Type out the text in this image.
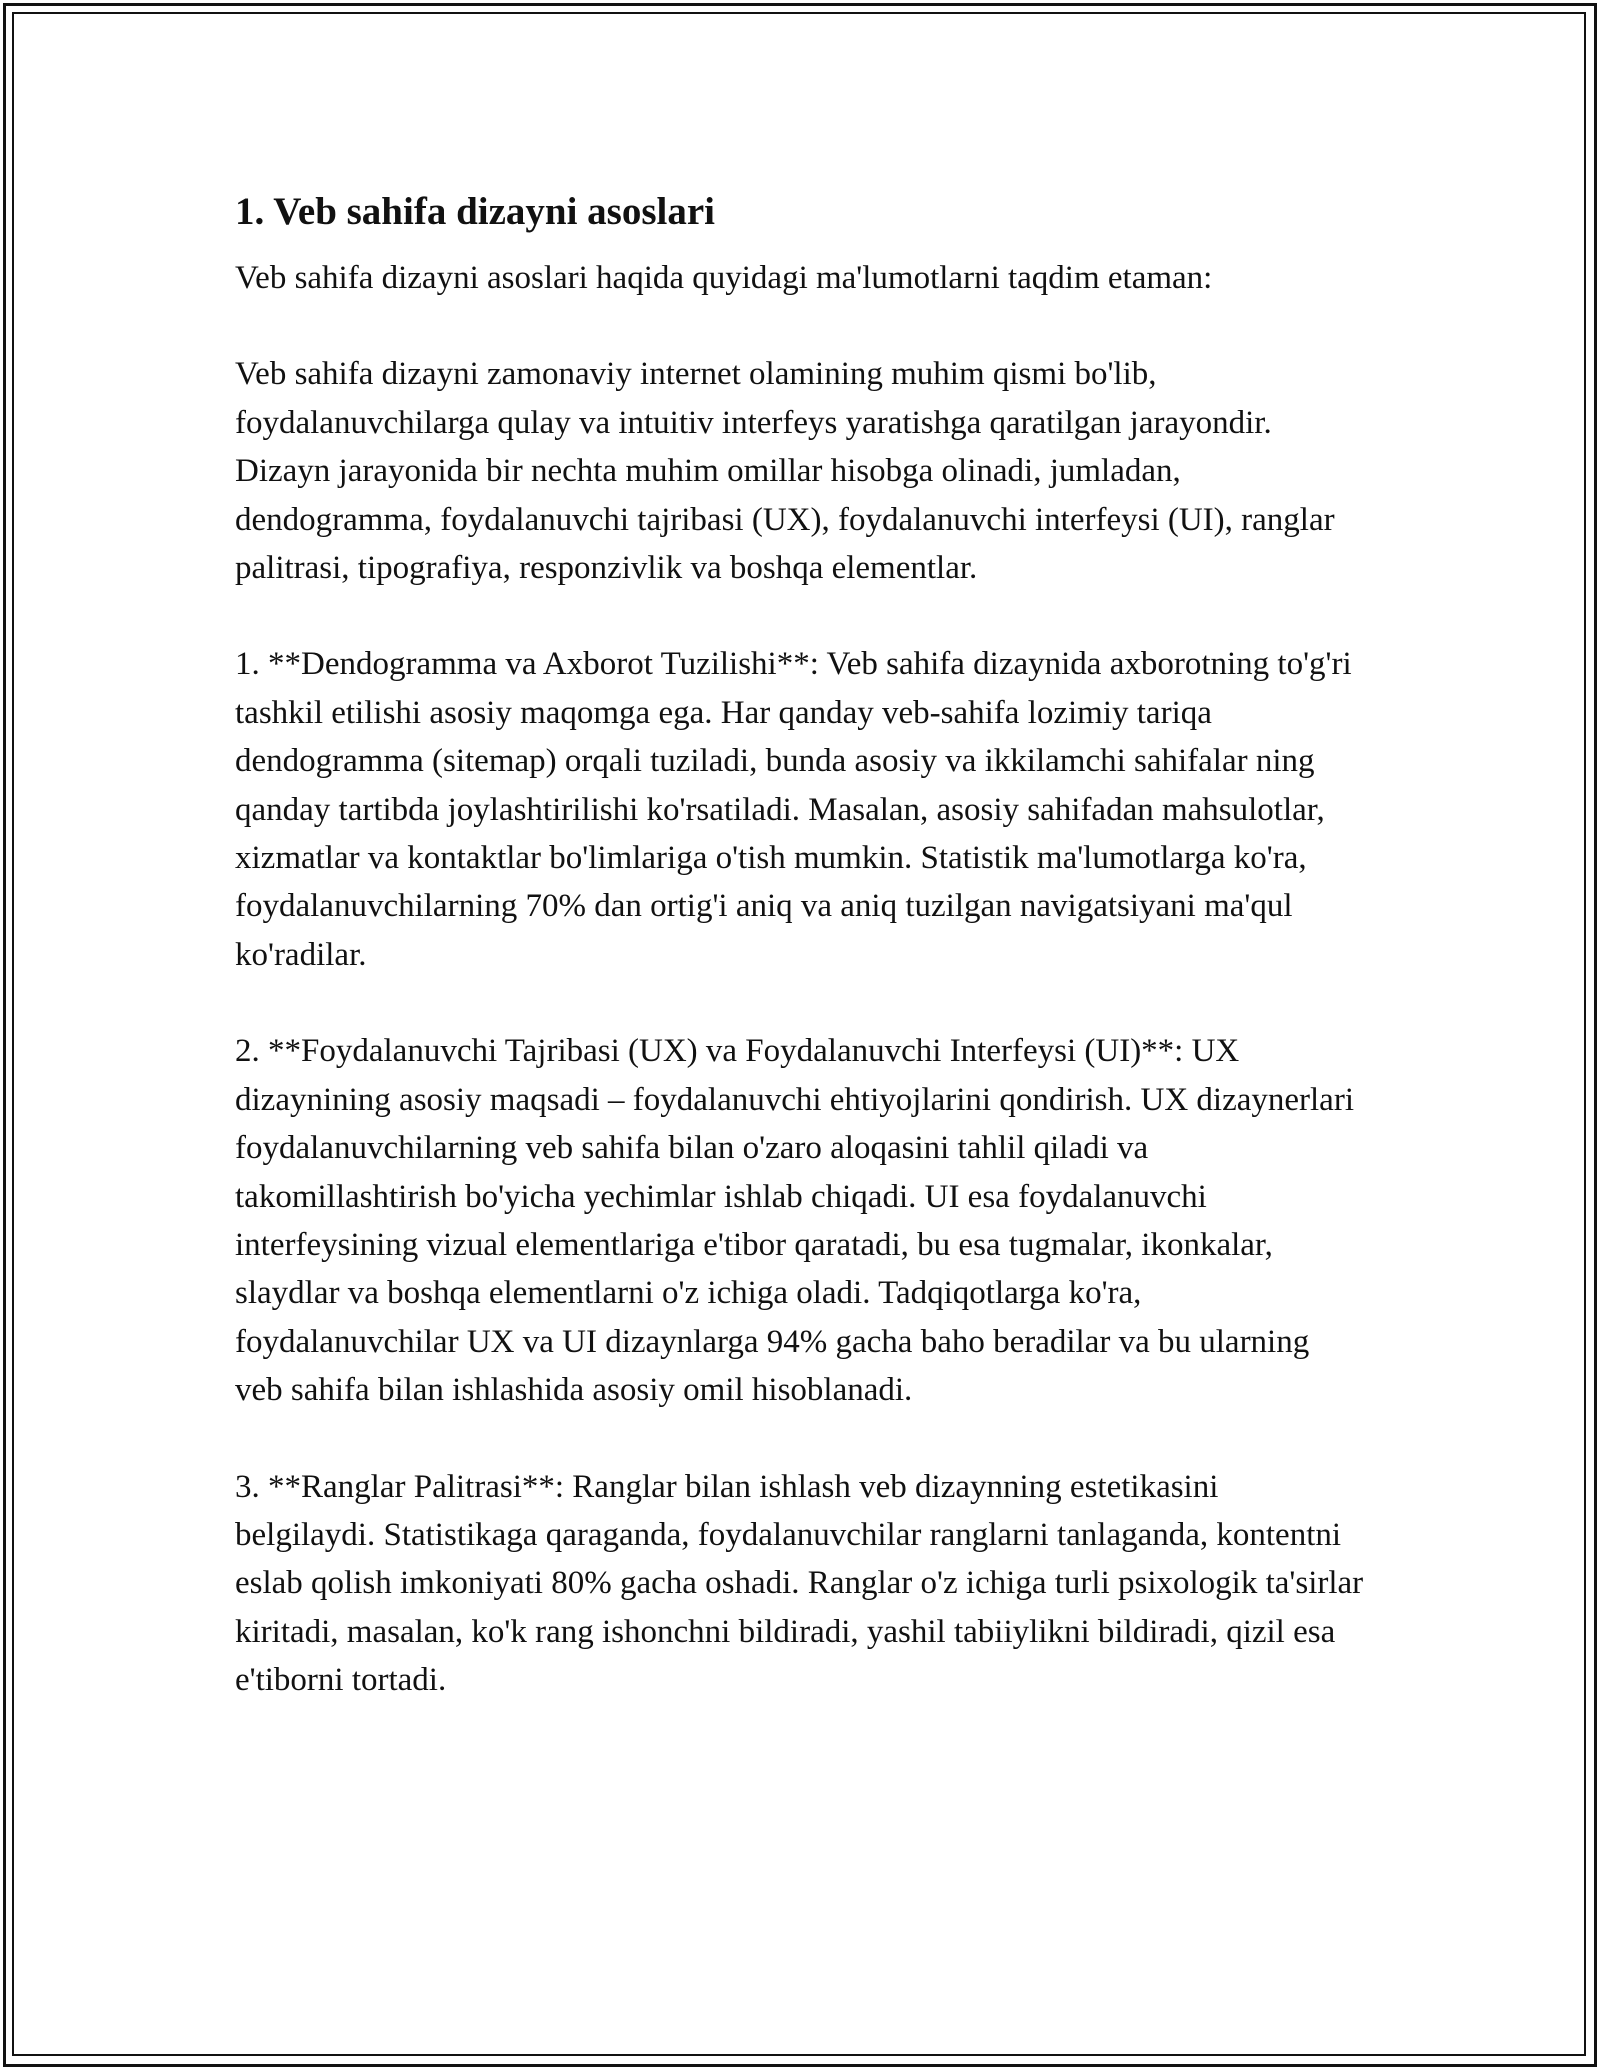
1. Veb sahifa dizayni asoslari

Veb sahifa dizayni asoslari haqida quyidagi ma'lumotlarni taqdim etaman:

Veb sahifa dizayni zamonaviy internet olamining muhim qismi bo'lib, foydalanuvchilarga qulay va intuitiv interfeys yaratishga qaratilgan jarayondir. Dizayn jarayonida bir nechta muhim omillar hisobga olinadi, jumladan, dendogramma, foydalanuvchi tajribasi (UX), foydalanuvchi interfeysi (UI), ranglar palitrasi, tipografiya, responzivlik va boshqa elementlar.

1. **Dendogramma va Axborot Tuzilishi**: Veb sahifa dizaynida axborotning to'g'ri tashkil etilishi asosiy maqomga ega. Har qanday veb-sahifa lozimiy tariqa dendogramma (sitemap) orqali tuziladi, bunda asosiy va ikkilamchi sahifalar ning qanday tartibda joylashtirilishi ko'rsatiladi. Masalan, asosiy sahifadan mahsulotlar, xizmatlar va kontaktlar bo'limlariga o'tish mumkin. Statistik ma'lumotlarga ko'ra, foydalanuvchilarning 70% dan ortig'i aniq va aniq tuzilgan navigatsiyani ma'qul ko'radilar.

2. **Foydalanuvchi Tajribasi (UX) va Foydalanuvchi Interfeysi (UI)**: UX dizaynining asosiy maqsadi – foydalanuvchi ehtiyojlarini qondirish. UX dizaynerlari foydalanuvchilarning veb sahifa bilan o'zaro aloqasini tahlil qiladi va takomillashtirish bo'yicha yechimlar ishlab chiqadi. UI esa foydalanuvchi interfeysining vizual elementlariga e'tibor qaratadi, bu esa tugmalar, ikonkalar, slaydlar va boshqa elementlarni o'z ichiga oladi. Tadqiqotlarga ko'ra, foydalanuvchilar UX va UI dizaynlarga 94% gacha baho beradilar va bu ularning veb sahifa bilan ishlashida asosiy omil hisoblanadi.

3. **Ranglar Palitrasi**: Ranglar bilan ishlash veb dizaynning estetikasini belgilaydi. Statistikaga qaraganda, foydalanuvchilar ranglarni tanlaganda, kontentni eslab qolish imkoniyati 80% gacha oshadi. Ranglar o'z ichiga turli psixologik ta'sirlar kiritadi, masalan, ko'k rang ishonchni bildiradi, yashil tabiiylikni bildiradi, qizil esa e'tiborni tortadi.
